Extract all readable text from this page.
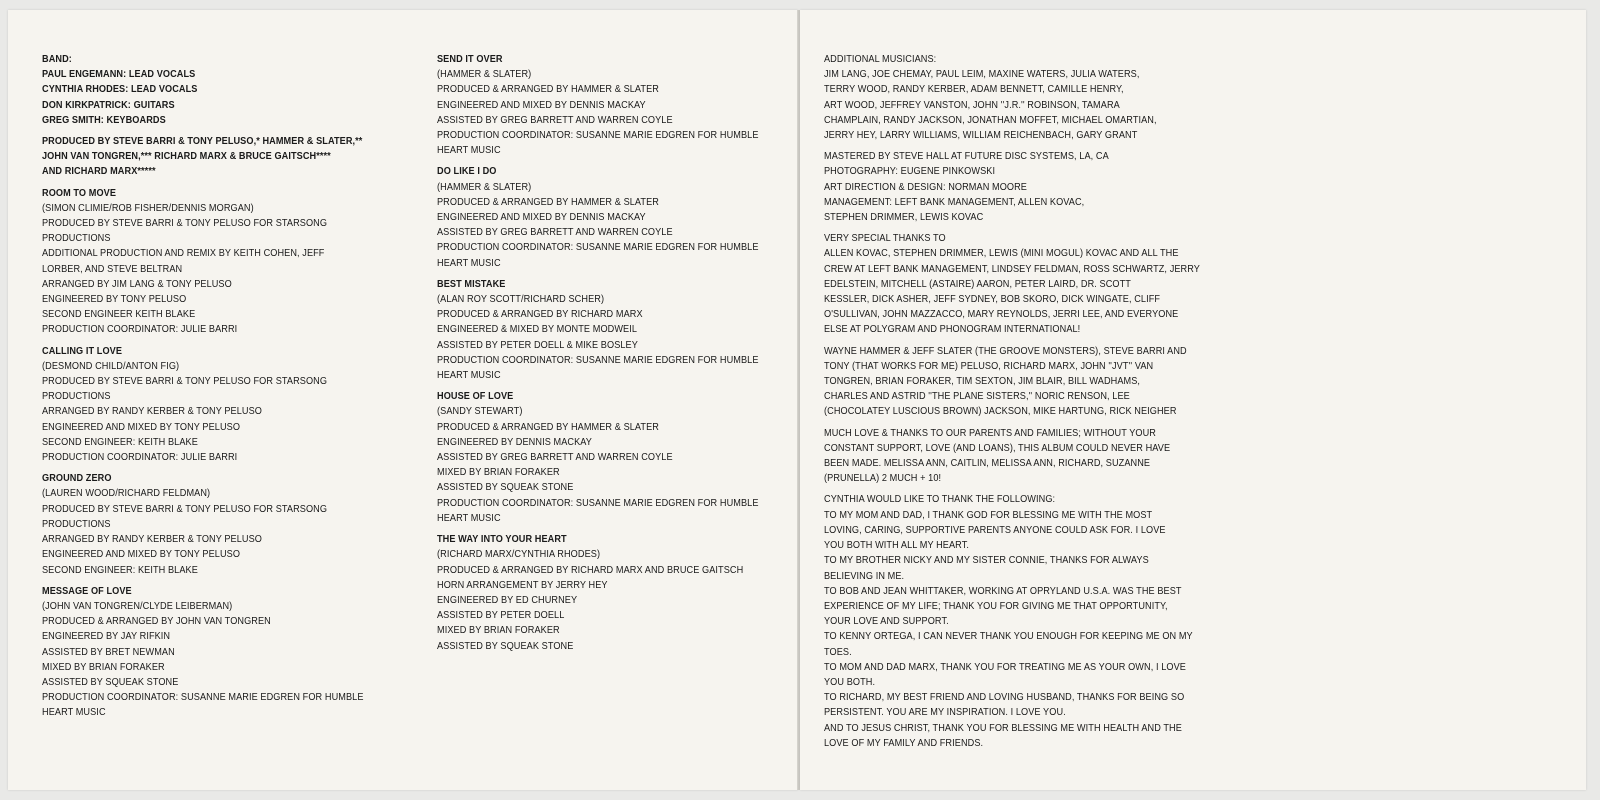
BAND:
PAUL ENGEMANN: LEAD VOCALS
CYNTHIA RHODES: LEAD VOCALS
DON KIRKPATRICK: GUITARS
GREG SMITH: KEYBOARDS
PRODUCED BY STEVE BARRI & TONY PELUSO,* HAMMER & SLATER,**
JOHN VAN TONGREN,*** RICHARD MARX & BRUCE GAITSCH****
AND RICHARD MARX*****
ROOM TO MOVE
(SIMON CLIMIE/ROB FISHER/DENNIS MORGAN)
PRODUCED BY STEVE BARRI & TONY PELUSO FOR STARSONG
PRODUCTIONS
ADDITIONAL PRODUCTION AND REMIX BY KEITH COHEN, JEFF
LORBER, AND STEVE BELTRAN
ARRANGED BY JIM LANG & TONY PELUSO
ENGINEERED BY TONY PELUSO
SECOND ENGINEER KEITH BLAKE
PRODUCTION COORDINATOR: JULIE BARRI
CALLING IT LOVE
(DESMOND CHILD/ANTON FIG)
PRODUCED BY STEVE BARRI & TONY PELUSO FOR STARSONG
PRODUCTIONS
ARRANGED BY RANDY KERBER & TONY PELUSO
ENGINEERED AND MIXED BY TONY PELUSO
SECOND ENGINEER: KEITH BLAKE
PRODUCTION COORDINATOR: JULIE BARRI
GROUND ZERO
(LAUREN WOOD/RICHARD FELDMAN)
PRODUCED BY STEVE BARRI & TONY PELUSO FOR STARSONG
PRODUCTIONS
ARRANGED BY RANDY KERBER & TONY PELUSO
ENGINEERED AND MIXED BY TONY PELUSO
SECOND ENGINEER: KEITH BLAKE
MESSAGE OF LOVE
(JOHN VAN TONGREN/CLYDE LEIBERMAN)
PRODUCED & ARRANGED BY JOHN VAN TONGREN
ENGINEERED BY JAY RIFKIN
ASSISTED BY BRET NEWMAN
MIXED BY BRIAN FORAKER
ASSISTED BY SQUEAK STONE
PRODUCTION COORDINATOR: SUSANNE MARIE EDGREN FOR HUMBLE
HEART MUSIC
SEND IT OVER
(HAMMER & SLATER)
PRODUCED & ARRANGED BY HAMMER & SLATER
ENGINEERED AND MIXED BY DENNIS MACKAY
ASSISTED BY GREG BARRETT AND WARREN COYLE
PRODUCTION COORDINATOR: SUSANNE MARIE EDGREN FOR HUMBLE
HEART MUSIC
DO LIKE I DO
(HAMMER & SLATER)
PRODUCED & ARRANGED BY HAMMER & SLATER
ENGINEERED AND MIXED BY DENNIS MACKAY
ASSISTED BY GREG BARRETT AND WARREN COYLE
PRODUCTION COORDINATOR: SUSANNE MARIE EDGREN FOR HUMBLE
HEART MUSIC
BEST MISTAKE
(ALAN ROY SCOTT/RICHARD SCHER)
PRODUCED & ARRANGED BY RICHARD MARX
ENGINEERED & MIXED BY MONTE MODWEIL
ASSISTED BY PETER DOELL & MIKE BOSLEY
PRODUCTION COORDINATOR: SUSANNE MARIE EDGREN FOR HUMBLE
HEART MUSIC
HOUSE OF LOVE
(SANDY STEWART)
PRODUCED & ARRANGED BY HAMMER & SLATER
ENGINEERED BY DENNIS MACKAY
ASSISTED BY GREG BARRETT AND WARREN COYLE
MIXED BY BRIAN FORAKER
ASSISTED BY SQUEAK STONE
PRODUCTION COORDINATOR: SUSANNE MARIE EDGREN FOR HUMBLE
HEART MUSIC
THE WAY INTO YOUR HEART
(RICHARD MARX/CYNTHIA RHODES)
PRODUCED & ARRANGED BY RICHARD MARX AND BRUCE GAITSCH
HORN ARRANGEMENT BY JERRY HEY
ENGINEERED BY ED CHURNEY
ASSISTED BY PETER DOELL
MIXED BY BRIAN FORAKER
ASSISTED BY SQUEAK STONE
ADDITIONAL MUSICIANS:
JIM LANG, JOE CHEMAY, PAUL LEIM, MAXINE WATERS, JULIA WATERS,
TERRY WOOD, RANDY KERBER, ADAM BENNETT, CAMILLE HENRY,
ART WOOD, JEFFREY VANSTON, JOHN ''J.R.'' ROBINSON, TAMARA
CHAMPLAIN, RANDY JACKSON, JONATHAN MOFFET, MICHAEL OMARTIAN,
JERRY HEY, LARRY WILLIAMS, WILLIAM REICHENBACH, GARY GRANT
MASTERED BY STEVE HALL AT FUTURE DISC SYSTEMS, LA, CA
PHOTOGRAPHY: EUGENE PINKOWSKI
ART DIRECTION & DESIGN: NORMAN MOORE
MANAGEMENT: LEFT BANK MANAGEMENT, ALLEN KOVAC,
STEPHEN DRIMMER, LEWIS KOVAC
VERY SPECIAL THANKS TO
ALLEN KOVAC, STEPHEN DRIMMER, LEWIS (MINI MOGUL) KOVAC AND ALL THE
CREW AT LEFT BANK MANAGEMENT, LINDSEY FELDMAN, ROSS SCHWARTZ, JERRY
EDELSTEIN, MITCHELL (ASTAIRE) AARON, PETER LAIRD, DR. SCOTT
KESSLER, DICK ASHER, JEFF SYDNEY, BOB SKORO, DICK WINGATE, CLIFF
O'SULLIVAN, JOHN MAZZACCO, MARY REYNOLDS, JERRI LEE, AND EVERYONE
ELSE AT POLYGRAM AND PHONOGRAM INTERNATIONAL!
WAYNE HAMMER & JEFF SLATER (THE GROOVE MONSTERS), STEVE BARRI AND
TONY (THAT WORKS FOR ME) PELUSO, RICHARD MARX, JOHN ''JVT'' VAN
TONGREN, BRIAN FORAKER, TIM SEXTON, JIM BLAIR, BILL WADHAMS,
CHARLES AND ASTRID ''THE PLANE SISTERS,'' NORIC RENSON, LEE
(CHOCOLATEY LUSCIOUS BROWN) JACKSON, MIKE HARTUNG, RICK NEIGHER
MUCH LOVE & THANKS TO OUR PARENTS AND FAMILIES; WITHOUT YOUR
CONSTANT SUPPORT, LOVE (AND LOANS), THIS ALBUM COULD NEVER HAVE
BEEN MADE. MELISSA ANN, CAITLIN, MELISSA ANN, RICHARD, SUZANNE
(PRUNELLA) 2 MUCH + 10!
CYNTHIA WOULD LIKE TO THANK THE FOLLOWING:
TO MY MOM AND DAD, I THANK GOD FOR BLESSING ME WITH THE MOST
LOVING, CARING, SUPPORTIVE PARENTS ANYONE COULD ASK FOR. I LOVE
YOU BOTH WITH ALL MY HEART.
TO MY BROTHER NICKY AND MY SISTER CONNIE, THANKS FOR ALWAYS
BELIEVING IN ME.
TO BOB AND JEAN WHITTAKER, WORKING AT OPRYLAND U.S.A. WAS THE BEST
EXPERIENCE OF MY LIFE; THANK YOU FOR GIVING ME THAT OPPORTUNITY,
YOUR LOVE AND SUPPORT.
TO KENNY ORTEGA, I CAN NEVER THANK YOU ENOUGH FOR KEEPING ME ON MY
TOES.
TO MOM AND DAD MARX, THANK YOU FOR TREATING ME AS YOUR OWN, I LOVE
YOU BOTH.
TO RICHARD, MY BEST FRIEND AND LOVING HUSBAND, THANKS FOR BEING SO
PERSISTENT. YOU ARE MY INSPIRATION. I LOVE YOU.
AND TO JESUS CHRIST, THANK YOU FOR BLESSING ME WITH HEALTH AND THE
LOVE OF MY FAMILY AND FRIENDS.
